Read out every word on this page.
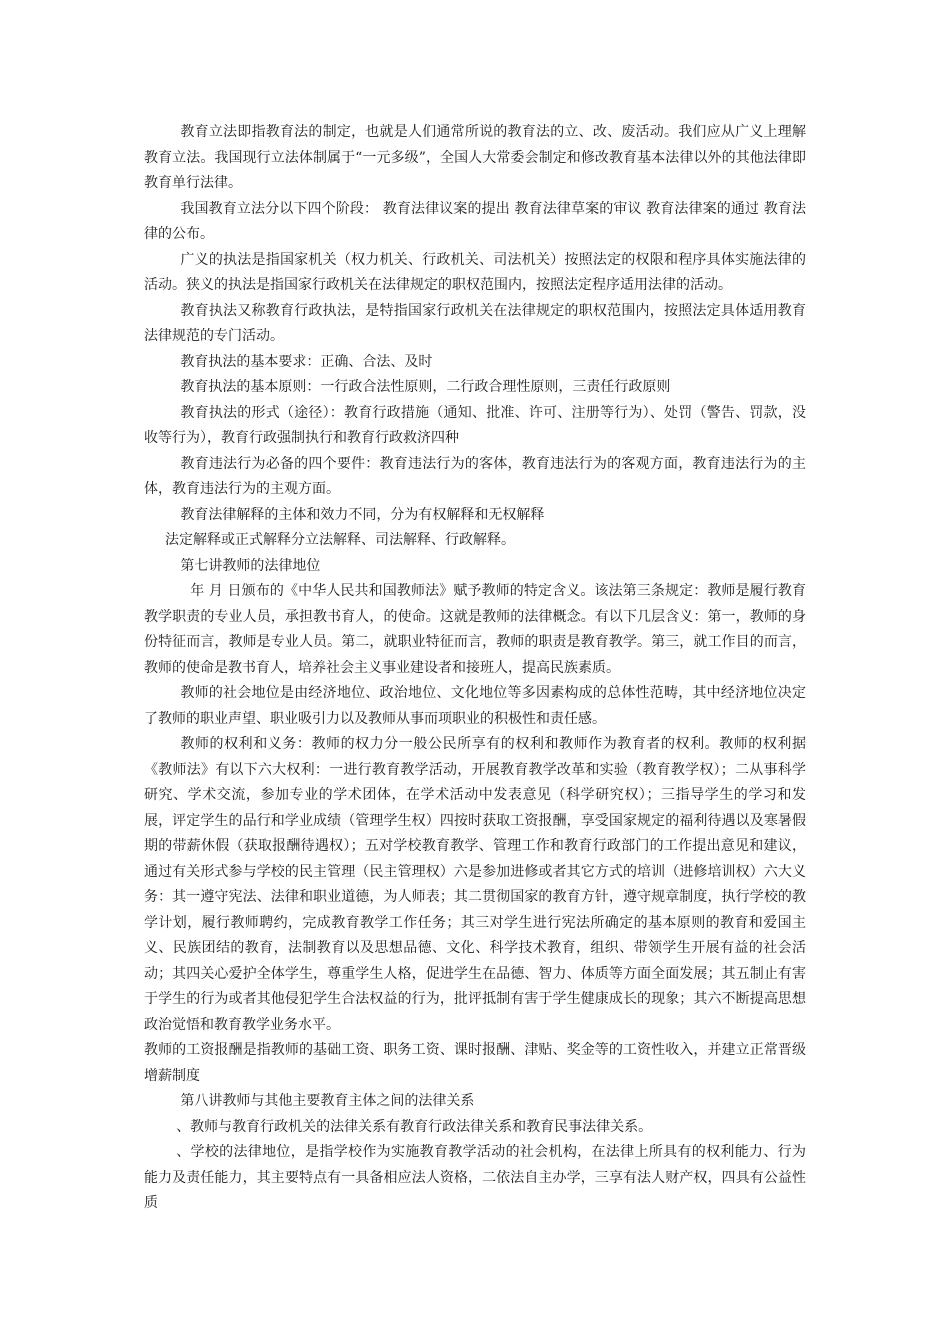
教育立法即指教育法的制定，也就是人们通常所说的教育法的立、改、废活动。我们应从广义上理解教育立法。我国现行立法体制属于“一元多级”，全国人大常委会制定和修改教育基本法律以外的其他法律即教育单行法律。

我国教育立法分以下四个阶段： 教育法律议案的提出 教育法律草案的审议 教育法律案的通过 教育法律的公布。

广义的执法是指国家机关（权力机关、行政机关、司法机关）按照法定的权限和程序具体实施法律的活动。狭义的执法是指国家行政机关在法律规定的职权范围内，按照法定程序适用法律的活动。

教育执法又称教育行政执法，是特指国家行政机关在法律规定的职权范围内，按照法定具体适用教育法律规范的专门活动。

教育执法的基本要求：正确、合法、及时

教育执法的基本原则：一行政合法性原则，二行政合理性原则，三责任行政原则

教育执法的形式（途径）：教育行政措施（通知、批准、许可、注册等行为）、处罚（警告、罚款，没收等行为），教育行政强制执行和教育行政救济四种

教育违法行为必备的四个要件：教育违法行为的客体，教育违法行为的客观方面，教育违法行为的主体，教育违法行为的主观方面。

教育法律解释的主体和效力不同，分为有权解释和无权解释

法定解释或正式解释分立法解释、司法解释、行政解释。

第七讲教师的法律地位

年 月 日颁布的《中华人民共和国教师法》赋予教师的特定含义。该法第三条规定：教师是履行教育教学职责的专业人员，承担教书育人，的使命。这就是教师的法律概念。有以下几层含义：第一，教师的身份特征而言，教师是专业人员。第二，就职业特征而言，教师的职责是教育教学。第三，就工作目的而言，教师的使命是教书育人，培养社会主义事业建设者和接班人，提高民族素质。

教师的社会地位是由经济地位、政治地位、文化地位等多因素构成的总体性范畴，其中经济地位决定了教师的职业声望、职业吸引力以及教师从事而项职业的积极性和责任感。

教师的权利和义务：教师的权力分一般公民所享有的权利和教师作为教育者的权利。教师的权利据《教师法》有以下六大权利：一进行教育教学活动，开展教育教学改革和实验（教育教学权）；二从事科学研究、学术交流，参加专业的学术团体，在学术活动中发表意见（科学研究权）；三指导学生的学习和发展，评定学生的品行和学业成绩（管理学生权）四按时获取工资报酬，享受国家规定的福利待遇以及寒暑假期的带薪休假（获取报酬待遇权）；五对学校教育教学、管理工作和教育行政部门的工作提出意见和建议，通过有关形式参与学校的民主管理（民主管理权）六是参加进修或者其它方式的培训（进修培训权）六大义务：其一遵守宪法、法律和职业道德，为人师表；其二贯彻国家的教育方针，遵守规章制度，执行学校的教学计划，履行教师聘约，完成教育教学工作任务；其三对学生进行宪法所确定的基本原则的教育和爱国主义、民族团结的教育，法制教育以及思想品德、文化、科学技术教育，组织、带领学生开展有益的社会活动；其四关心爱护全体学生，尊重学生人格，促进学生在品德、智力、体质等方面全面发展；其五制止有害于学生的行为或者其他侵犯学生合法权益的行为，批评抵制有害于学生健康成长的现象；其六不断提高思想政治觉悟和教育教学业务水平。

教师的工资报酬是指教师的基础工资、职务工资、课时报酬、津贴、奖金等的工资性收入，并建立正常晋级增薪制度

第八讲教师与其他主要教育主体之间的法律关系

、教师与教育行政机关的法律关系有教育行政法律关系和教育民事法律关系。

、学校的法律地位，是指学校作为实施教育教学活动的社会机构，在法律上所具有的权利能力、行为能力及责任能力，其主要特点有一具备相应法人资格，二依法自主办学，三享有法人财产权，四具有公益性质
